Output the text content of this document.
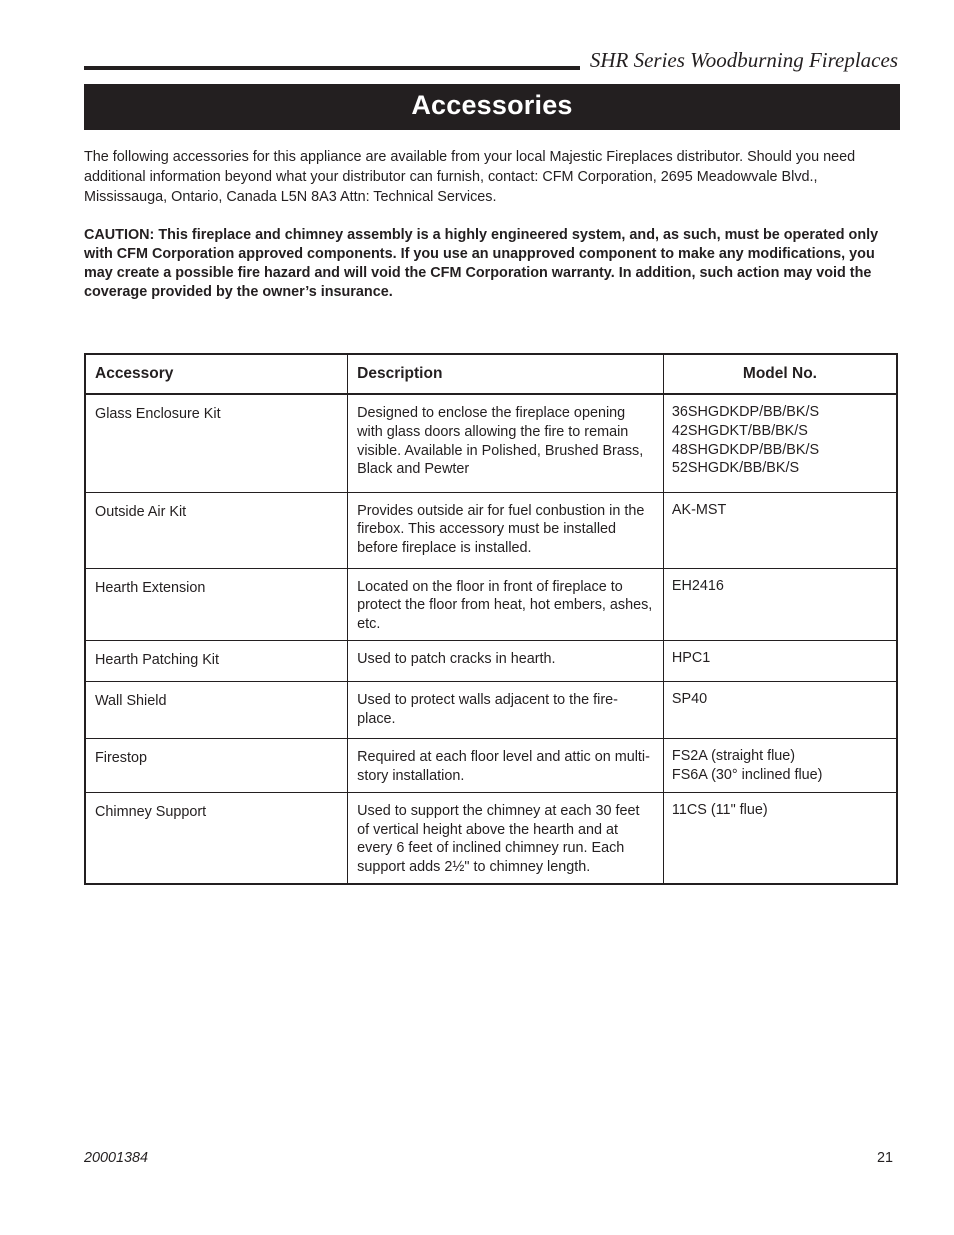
SHR Series Woodburning Fireplaces
Accessories

The following accessories for this appliance are available from your local Majestic Fireplaces distributor. Should you need additional information beyond what your distributor can furnish, contact: CFM Corporation, 2695 Meadowvale Blvd., Mississauga, Ontario, Canada L5N 8A3 Attn: Technical Services.

CAUTION: This fireplace and chimney assembly is a highly engineered system, and, as such, must be operated only with CFM Corporation approved components. If you use an unapproved component to make any modifications, you may create a possible fire hazard and will void the CFM Corporation warranty. In addition, such action may void the coverage provided by the owner’s insurance.

Accessory	Description	Model No.
Glass Enclosure Kit	Designed to enclose the fireplace opening with glass doors allowing the fire to remain visible. Available in Polished, Brushed Brass, Black and Pewter	36SHGDKDP/BB/BK/S
42SHGDKT/BB/BK/S
48SHGDKDP/BB/BK/S
52SHGDK/BB/BK/S

Outside Air Kit	Provides outside air for fuel conbustion in the firebox. This accessory must be installed before fireplace is installed.	AK-MST

Hearth Extension	Located on the floor in front of fireplace to protect the floor from heat, hot embers, ashes, etc.	EH2416

Hearth Patching Kit	Used to patch cracks in hearth.	HPC1

Wall Shield	Used to protect walls adjacent to the fire-place.	SP40

Firestop	Required at each floor level and attic on multi-story installation.	FS2A (straight flue)
FS6A (30° inclined flue)

Chimney Support	Used to support the chimney at each 30 feet of vertical height above the hearth and at every 6 feet of inclined chimney run. Each support adds 2½" to chimney length.	11CS (11" flue)
20001384	21
